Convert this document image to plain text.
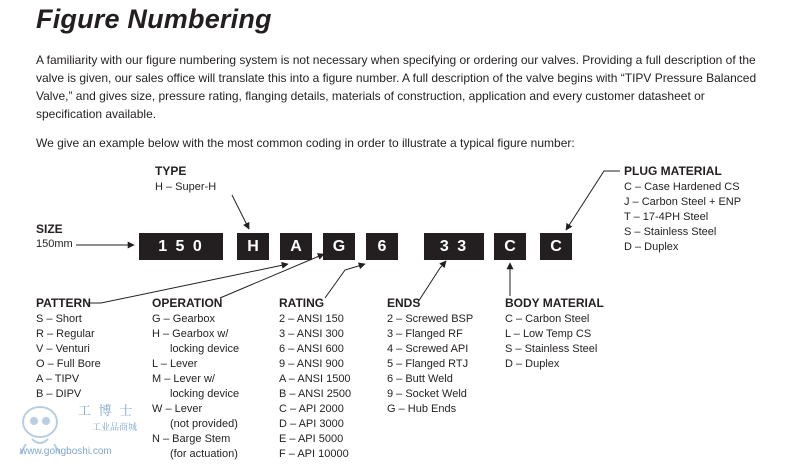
Figure Numbering
A familiarity with our figure numbering system is not necessary when specifying or ordering our valves. Providing a full description of the valve is given, our sales office will translate this into a figure number. A full description of the valve begins with “TIPV Pressure Balanced Valve,” and gives size, pressure rating, flanging details, materials of construction, application and every customer datasheet or specification available.
We give an example below with the most common coding in order to illustrate a typical figure number:
SIZE
150mm
TYPE
H – Super-H
1 5 0	H	A	G	6	3 3	C	C
PLUG MATERIAL
C – Case Hardened CS
J – Carbon Steel + ENP
T – 17-4PH Steel
S – Stainless Steel
D – Duplex
PATTERN
S – Short
R – Regular
V – Venturi
O – Full Bore
A – TIPV
B – DIPV
OPERATION
G – Gearbox
H – Gearbox w/
locking device
L – Lever
M – Lever w/
locking device
W – Lever
(not provided)
N – Barge Stem
(for actuation)
RATING
2 – ANSI 150
3 – ANSI 300
6 – ANSI 600
9 – ANSI 900
A – ANSI 1500
B – ANSI 2500
C – API 2000
D – API 3000
E – API 5000
F – API 10000
ENDS
2 – Screwed BSP
3 – Flanged RF
4 – Screwed API
5 – Flanged RTJ
6 – Butt Weld
9 – Socket Weld
G – Hub Ends
BODY MATERIAL
C – Carbon Steel
L – Low Temp CS
S – Stainless Steel
D – Duplex
工 博 士
工业品商城
www.gongboshi.com
